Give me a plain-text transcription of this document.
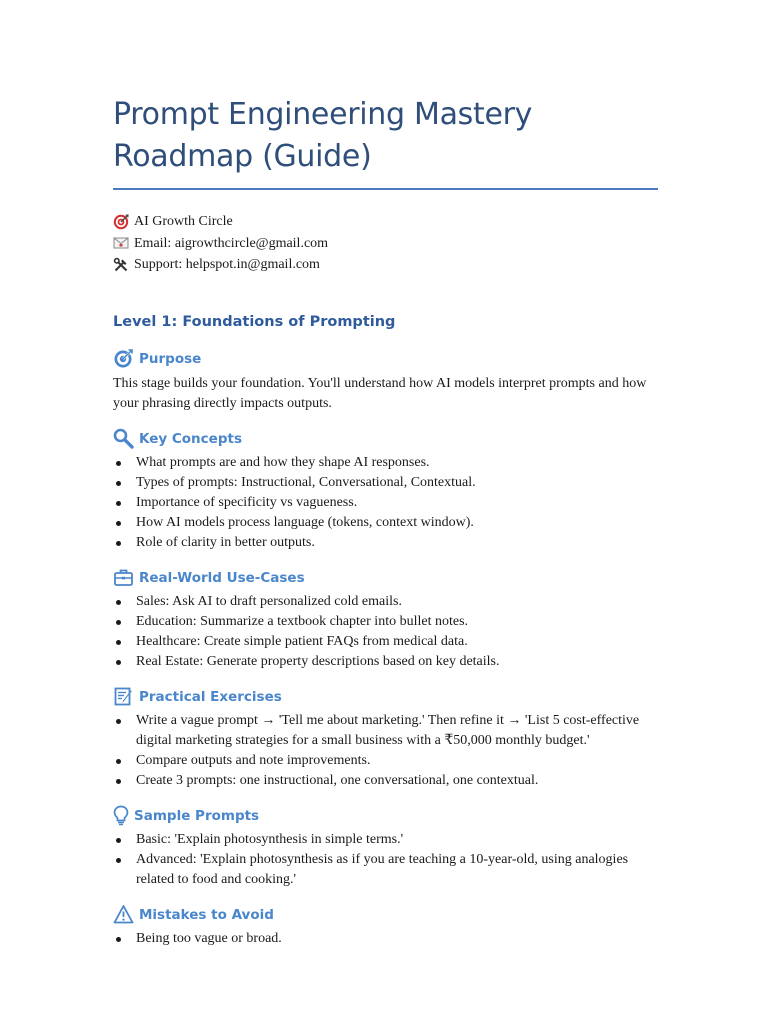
Prompt Engineering Mastery Roadmap (Guide)
AI Growth Circle
Email: aigrowthcircle@gmail.com
Support: helpspot.in@gmail.com
Level 1: Foundations of Prompting
Purpose

This stage builds your foundation. You'll understand how AI models interpret prompts and how your phrasing directly impacts outputs.

Key Concepts
What prompts are and how they shape AI responses.
Types of prompts: Instructional, Conversational, Contextual.
Importance of specificity vs vagueness.
How AI models process language (tokens, context window).
Role of clarity in better outputs.
Real-World Use-Cases
Sales: Ask AI to draft personalized cold emails.
Education: Summarize a textbook chapter into bullet notes.
Healthcare: Create simple patient FAQs from medical data.
Real Estate: Generate property descriptions based on key details.
Practical Exercises
Write a vague prompt → 'Tell me about marketing.' Then refine it → 'List 5 cost-effective digital marketing strategies for a small business with a ₹50,000 monthly budget.'
Compare outputs and note improvements.
Create 3 prompts: one instructional, one conversational, one contextual.
Sample Prompts
Basic: 'Explain photosynthesis in simple terms.'
Advanced: 'Explain photosynthesis as if you are teaching a 10-year-old, using analogies related to food and cooking.'
Mistakes to Avoid
Being too vague or broad.
